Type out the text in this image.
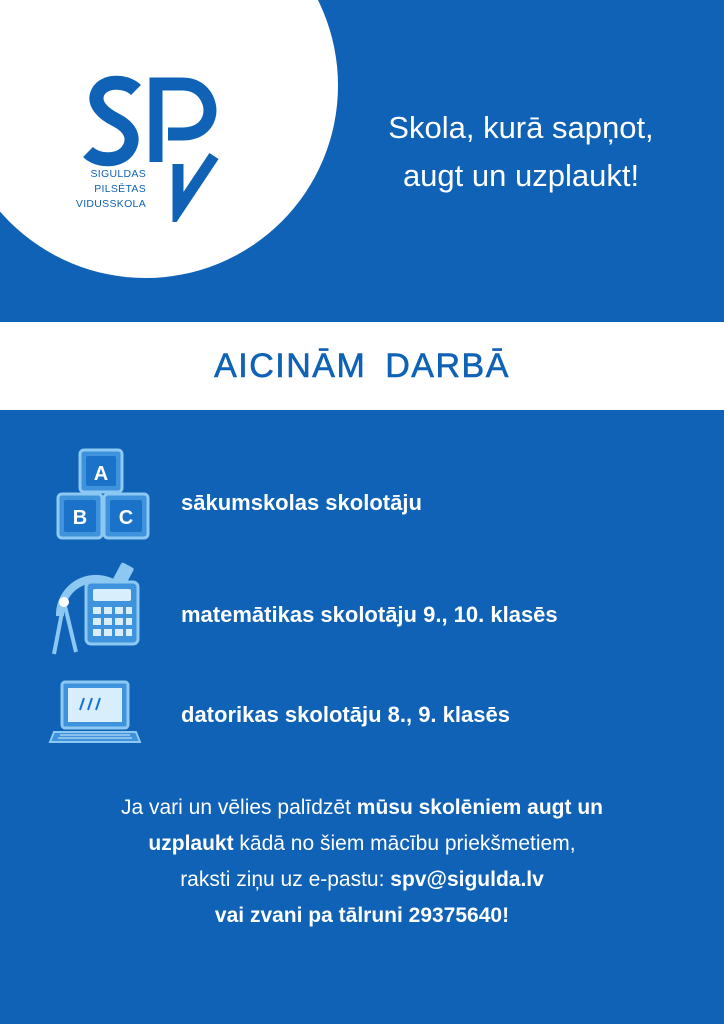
SIGULDAS
PILSĒTAS
VIDUSSKOLA
Skola, kurā sapņot,
augt un uzplaukt!
AICINĀM DARBĀ
A
B C
sākumskolas skolotāju
matemātikas skolotāju 9., 10. klasēs
datorikas skolotāju 8., 9. klasēs
Ja vari un vēlies palīdzēt mūsu skolēniem augt un
uzplaukt kādā no šiem mācību priekšmetiem,
raksti ziņu uz e-pastu: spv@sigulda.lv
vai zvani pa tālruni 29375640!
